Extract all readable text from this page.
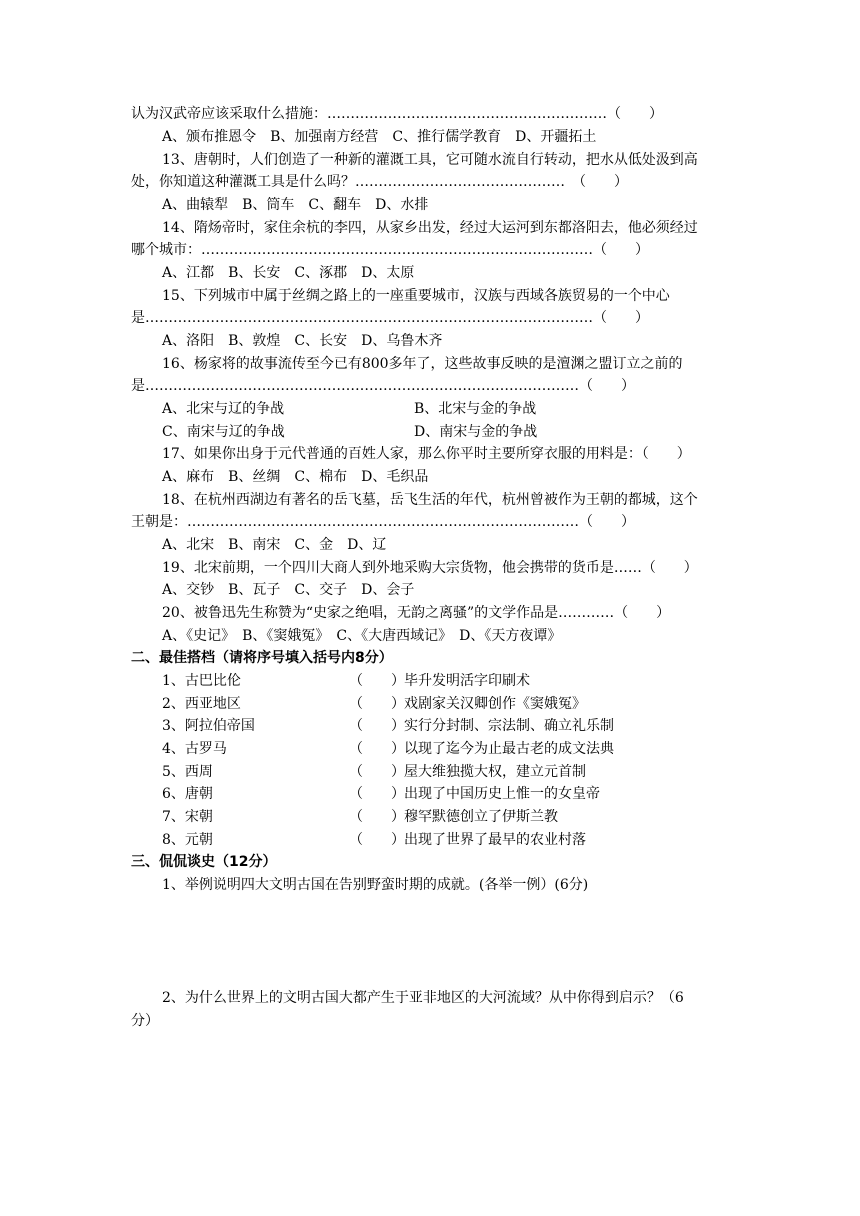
认为汉武帝应该采取什么措施：……………………………………………………（　　）
A、颁布推恩令　B、加强南方经营　C、推行儒学教育　D、开疆拓土
13、唐朝时，人们创造了一种新的灌溉工具，它可随水流自行转动，把水从低处汲到高
处，你知道这种灌溉工具是什么吗？………………………………………　（　　）
A、曲辕犁　B、筒车　C、翻车　D、水排
14、隋炀帝时，家住余杭的李四，从家乡出发，经过大运河到东都洛阳去，他必须经过
哪个城市：…………………………………………………………………………（　　）
A、江都　B、长安　C、涿郡　D、太原
15、下列城市中属于丝绸之路上的一座重要城市，汉族与西域各族贸易的一个中心
是……………………………………………………………………………………（　　）
A、洛阳　B、敦煌　C、长安　D、乌鲁木齐
16、杨家将的故事流传至今已有800多年了，这些故事反映的是澶渊之盟订立之前的
是…………………………………………………………………………………（　　）
A、北宋与辽的争战	B、北宋与金的争战
C、南宋与辽的争战	D、南宋与金的争战
17、如果你出身于元代普通的百姓人家，那么你平时主要所穿衣服的用料是：（　　）
A、麻布　B、丝绸　C、棉布　D、毛织品
18、在杭州西湖边有著名的岳飞墓，岳飞生活的年代，杭州曾被作为王朝的都城，这个
王朝是：…………………………………………………………………………（　　）
A、北宋　B、南宋　C、金　D、辽
19、北宋前期，一个四川大商人到外地采购大宗货物，他会携带的货币是……（　　）
A、交钞　B、瓦子　C、交子　D、会子
20、被鲁迅先生称赞为“史家之绝唱，无韵之离骚”的文学作品是…………（　　）
A、《史记》　B、《窦娥冤》　C、《大唐西域记》　D、《天方夜谭》
二、最佳搭档（请将序号填入括号内8分）
1、古巴比伦	（　　） 毕升发明活字印刷术
2、西亚地区	（　　） 戏剧家关汉卿创作《窦娥冤》
3、阿拉伯帝国	（　　） 实行分封制、宗法制、确立礼乐制
4、古罗马	（　　） 以现了迄今为止最古老的成文法典
5、西周	（　　） 屋大维独揽大权，建立元首制
6、唐朝	（　　） 出现了中国历史上惟一的女皇帝
7、宋朝	（　　） 穆罕默德创立了伊斯兰教
8、元朝	（　　） 出现了世界了最早的农业村落
三、侃侃谈史（12分）
1、举例说明四大文明古国在告别野蛮时期的成就。(各举一例）(6分)
2、为什么世界上的文明古国大都产生于亚非地区的大河流域？从中你得到启示？（6
分）
